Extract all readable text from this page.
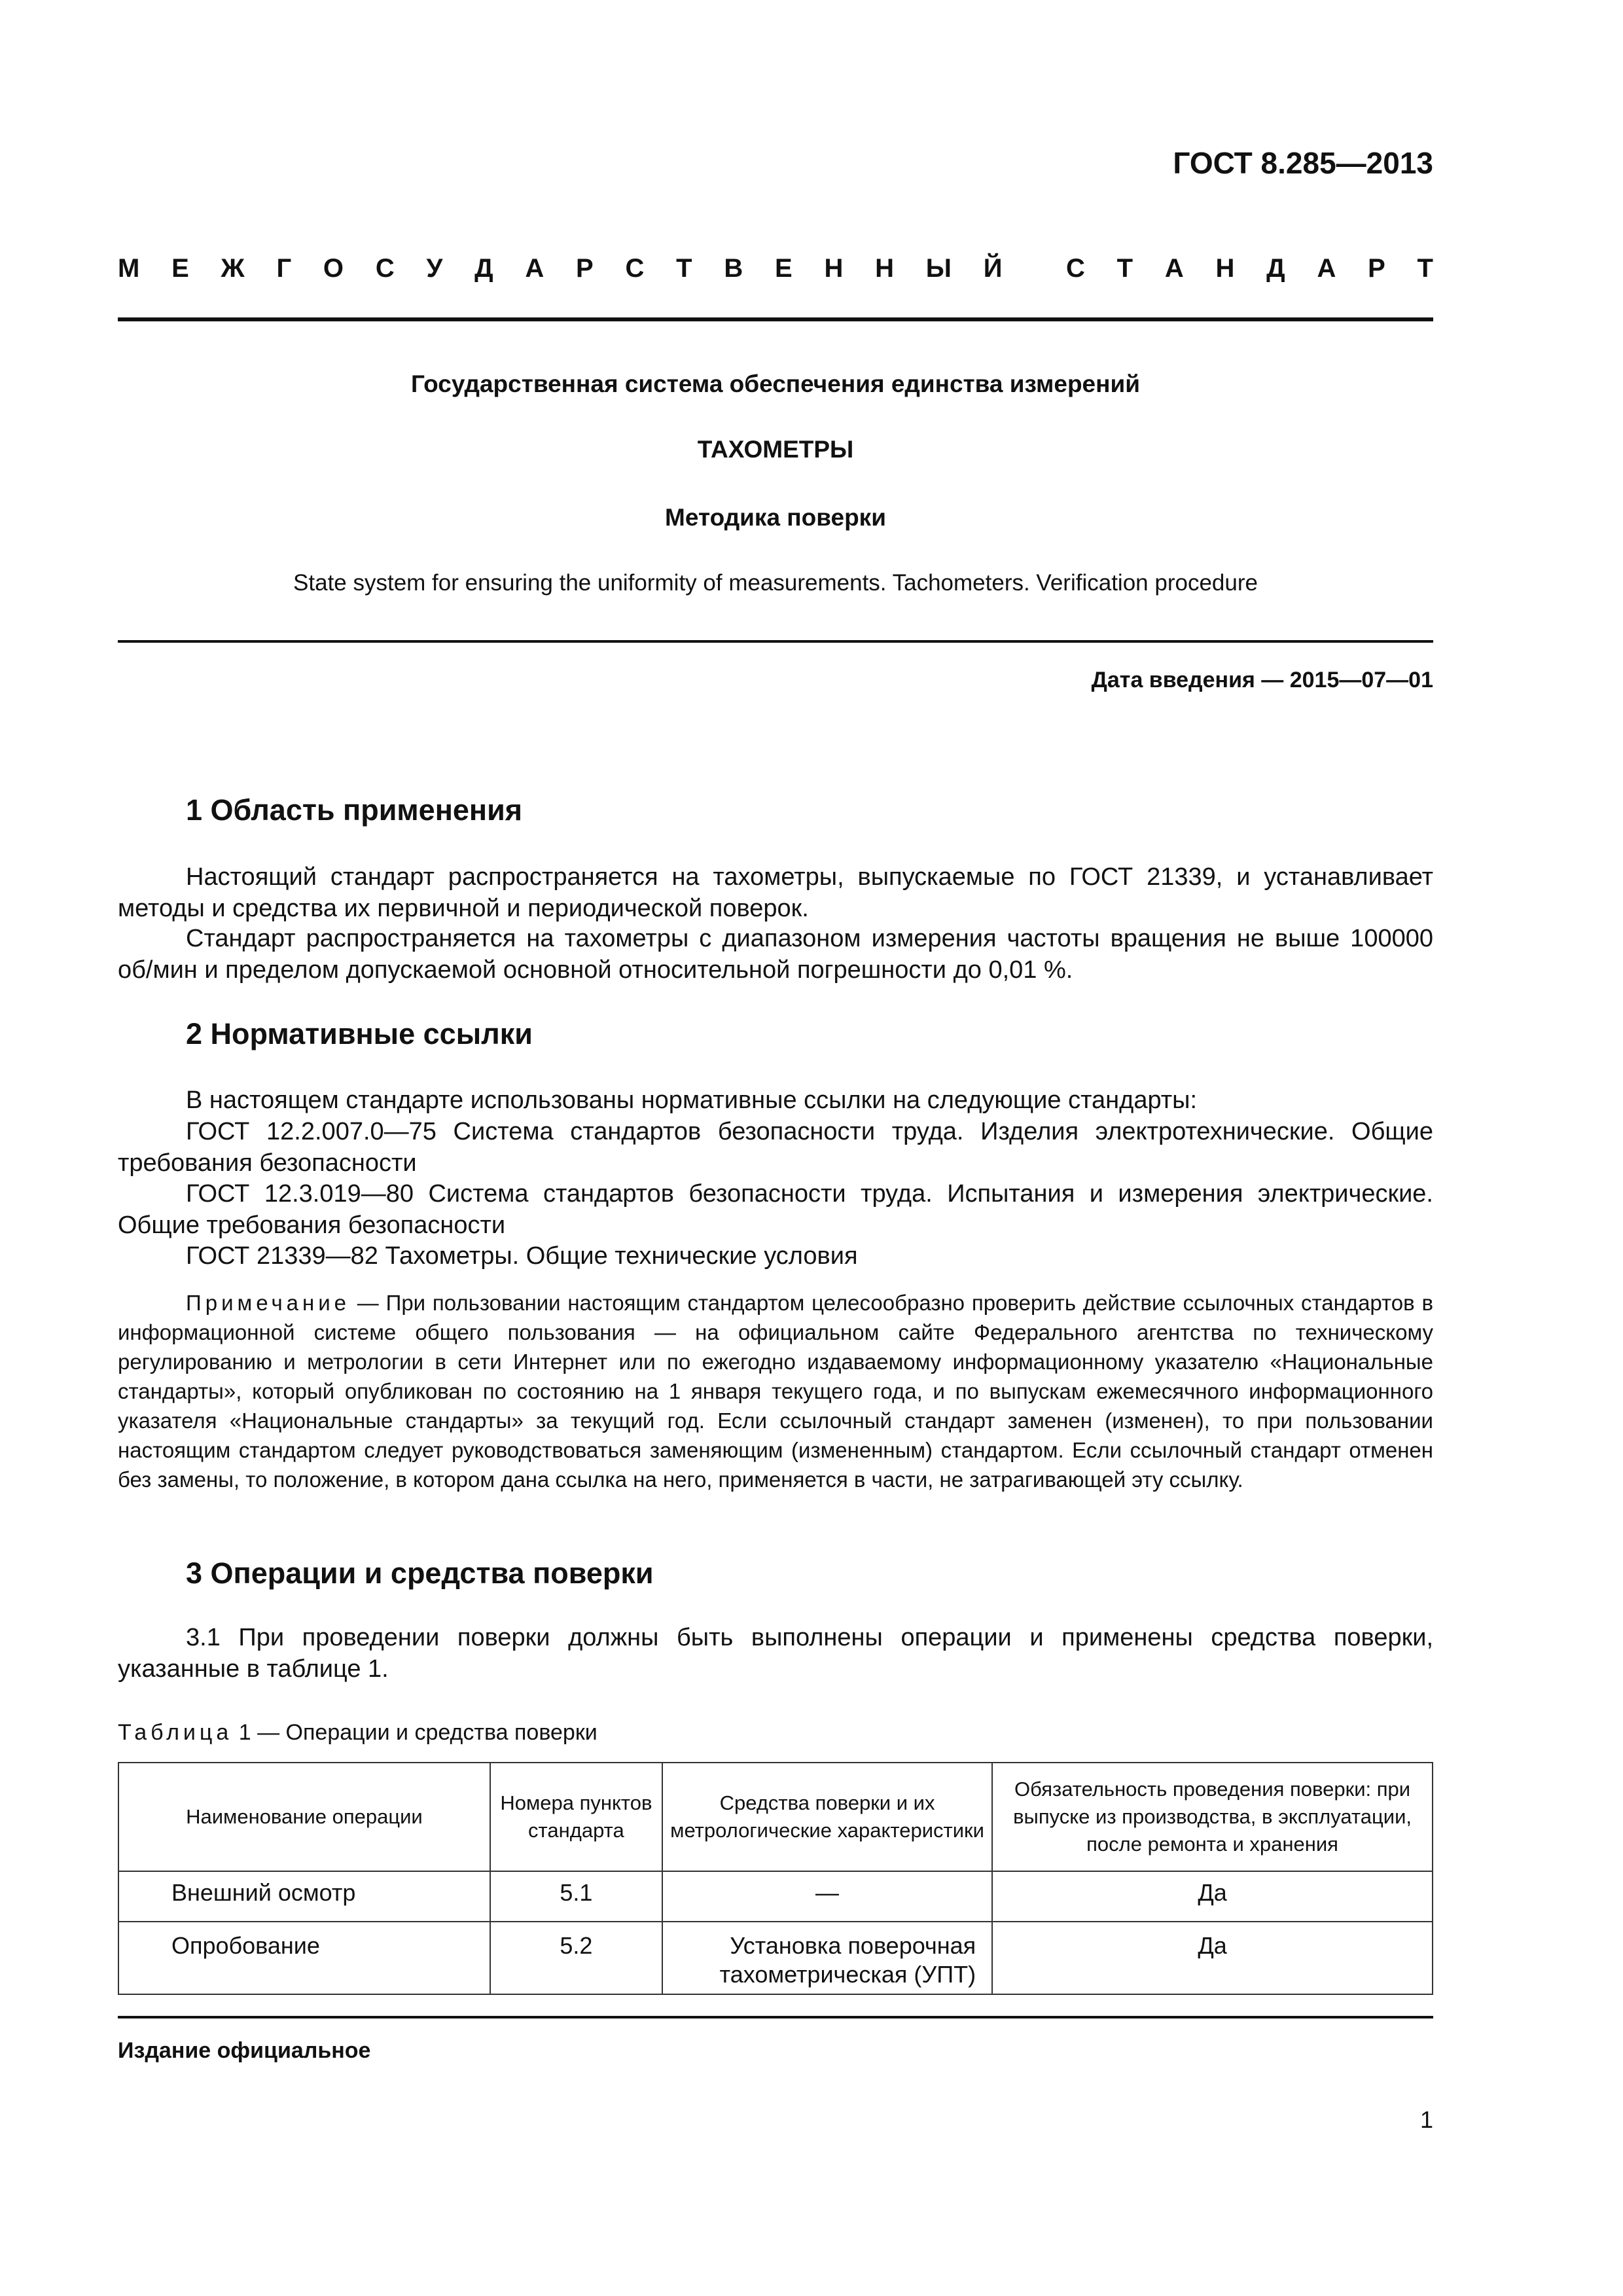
ГОСТ 8.285—2013
М Е Ж Г О С У Д А Р С Т В Е Н Н Ы Й С Т А Н Д А Р Т
Государственная система обеспечения единства измерений
ТАХОМЕТРЫ
Методика поверки
State system for ensuring the uniformity of measurements. Tachometers. Verification procedure
Дата введения — 2015—07—01
1 Область применения

Настоящий стандарт распространяется на тахометры, выпускаемые по ГОСТ 21339, и устанавливает методы и средства их первичной и периодической поверок.

Стандарт распространяется на тахометры с диапазоном измерения частоты вращения не выше 100000 об/мин и пределом допускаемой основной относительной погрешности до 0,01 %.

2 Нормативные ссылки

В настоящем стандарте использованы нормативные ссылки на следующие стандарты:

ГОСТ 12.2.007.0—75 Система стандартов безопасности труда. Изделия электротехнические. Общие требования безопасности

ГОСТ 12.3.019—80 Система стандартов безопасности труда. Испытания и измерения электрические. Общие требования безопасности

ГОСТ 21339—82 Тахометры. Общие технические условия

Примечание — При пользовании настоящим стандартом целесообразно проверить действие ссылочных стандартов в информационной системе общего пользования — на официальном сайте Федерального агентства по техническому регулированию и метрологии в сети Интернет или по ежегодно издаваемому информационному указателю «Национальные стандарты», который опубликован по состоянию на 1 января текущего года, и по выпускам ежемесячного информационного указателя «Национальные стандарты» за текущий год. Если ссылочный стандарт заменен (изменен), то при пользовании настоящим стандартом следует руководствоваться заменяющим (измененным) стандартом. Если ссылочный стандарт отменен без замены, то положение, в котором дана ссылка на него, применяется в части, не затрагивающей эту ссылку.

3 Операции и средства поверки

3.1 При проведении поверки должны быть выполнены операции и применены средства поверки, указанные в таблице 1.

Таблица 1 — Операции и средства поверки
Наименование операции	Номера пунктов стандарта	Средства поверки и их метрологические характеристики	Обязательность проведения поверки: при выпуске из производства, в эксплуатации, после ремонта и хранения
Внешний осмотр	5.1	—	Да
Опробование	5.2	Установка поверочная тахометрическая (УПТ)	Да
Издание официальное
1
